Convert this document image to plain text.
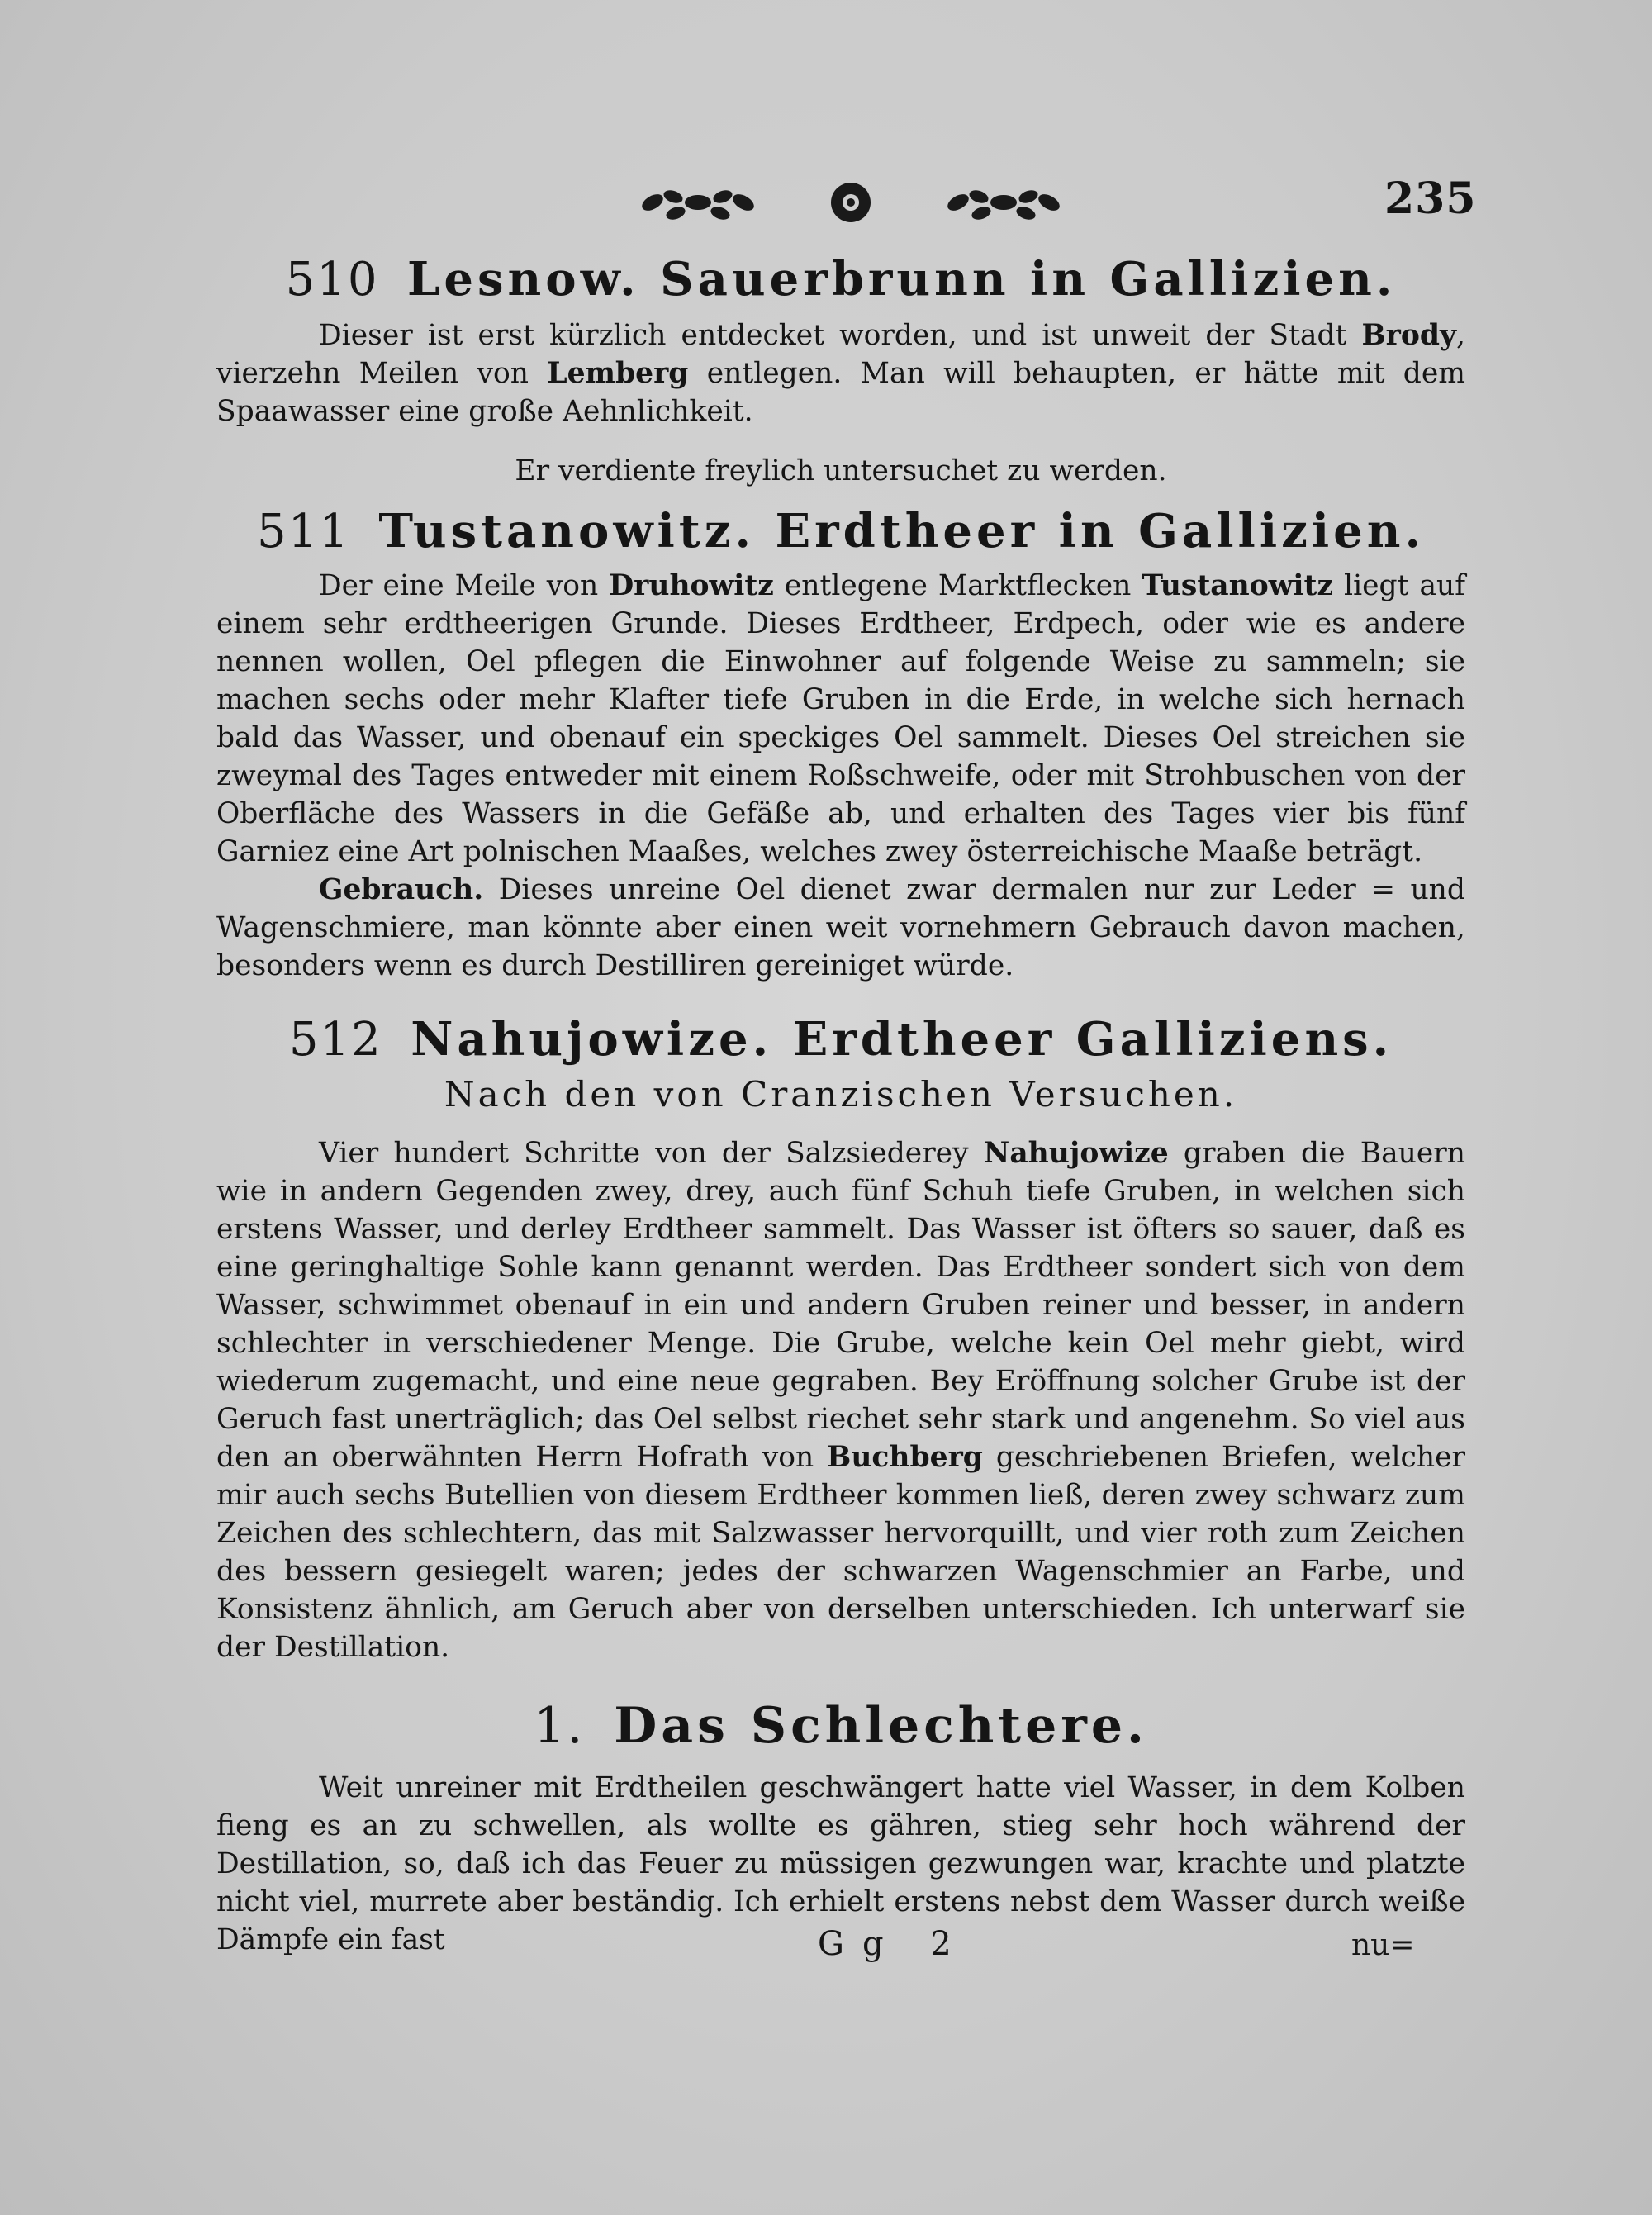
235
510 Lesnow. Sauerbrunn in Gallizien.

Dieser ist erst kürzlich entdecket worden, und ist unweit der Stadt Brody, vierzehn Meilen von Lemberg entlegen. Man will behaupten, er hätte mit dem Spaawasser eine große Aehnlichkeit.

Er verdiente freylich untersuchet zu werden.

511 Tustanowitz. Erdtheer in Gallizien.

Der eine Meile von Druhowitz entlegene Marktflecken Tustanowitz liegt auf einem sehr erdtheerigen Grunde. Dieses Erdtheer, Erdpech, oder wie es andere nennen wollen, Oel pflegen die Einwohner auf folgende Weise zu sammeln; sie machen sechs oder mehr Klafter tiefe Gruben in die Erde, in welche sich hernach bald das Wasser, und obenauf ein speckiges Oel sammelt. Dieses Oel streichen sie zweymal des Tages entweder mit einem Roßschweife, oder mit Strohbuschen von der Oberfläche des Wassers in die Gefäße ab, und erhalten des Tages vier bis fünf Garniez eine Art polnischen Maaßes, welches zwey österreichische Maaße beträgt.

Gebrauch. Dieses unreine Oel dienet zwar dermalen nur zur Leder = und Wagenschmiere, man könnte aber einen weit vornehmern Gebrauch davon machen, besonders wenn es durch Destilliren gereiniget würde.

512 Nahujowize. Erdtheer Galliziens.

Nach den von Cranzischen Versuchen.

Vier hundert Schritte von der Salzsiederey Nahujowize graben die Bauern wie in andern Gegenden zwey, drey, auch fünf Schuh tiefe Gruben, in welchen sich erstens Wasser, und derley Erdtheer sammelt. Das Wasser ist öfters so sauer, daß es eine geringhaltige Sohle kann genannt werden. Das Erdtheer sondert sich von dem Wasser, schwimmet obenauf in ein und andern Gruben reiner und besser, in andern schlechter in verschiedener Menge. Die Grube, welche kein Oel mehr giebt, wird wiederum zugemacht, und eine neue gegraben. Bey Eröffnung solcher Grube ist der Geruch fast unerträglich; das Oel selbst riechet sehr stark und angenehm. So viel aus den an oberwähnten Herrn Hofrath von Buchberg geschriebenen Briefen, welcher mir auch sechs Butellien von diesem Erdtheer kommen ließ, deren zwey schwarz zum Zeichen des schlechtern, das mit Salzwasser hervorquillt, und vier roth zum Zeichen des bessern gesiegelt waren; jedes der schwarzen Wagenschmier an Farbe, und Konsistenz ähnlich, am Geruch aber von derselben unterschieden. Ich unterwarf sie der Destillation.

1. Das Schlechtere.

Weit unreiner mit Erdtheilen geschwängert hatte viel Wasser, in dem Kolben fieng es an zu schwellen, als wollte es gähren, stieg sehr hoch während der Destillation, so, daß ich das Feuer zu müssigen gezwungen war, krachte und platzte nicht viel, murrete aber beständig. Ich erhielt erstens nebst dem Wasser durch weiße Dämpfe ein fast	Gg 2	nu=
